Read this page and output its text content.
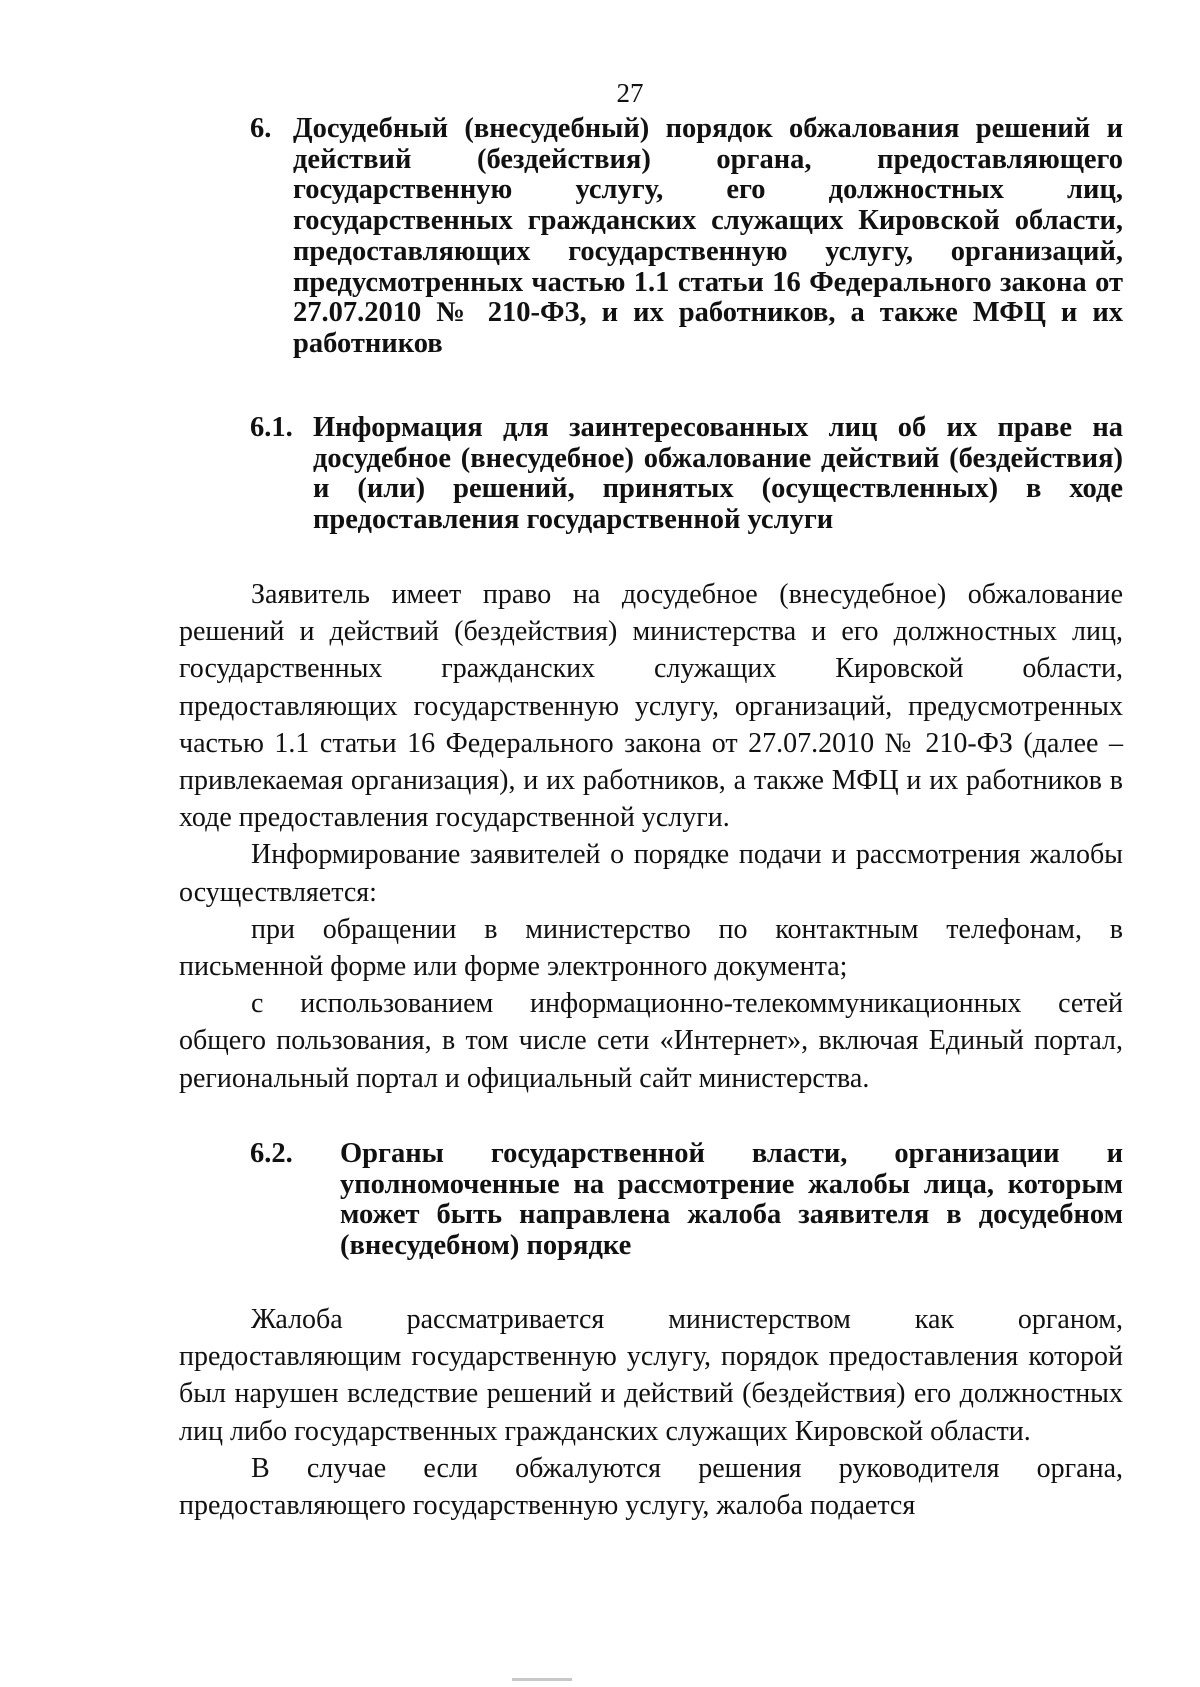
27
6. Досудебный (внесудебный) порядок обжалования решений и действий (бездействия) органа, предоставляющего государственную услугу, его должностных лиц, государственных гражданских служащих Кировской области, предоставляющих государственную услугу, организаций, предусмотренных частью 1.1 статьи 16 Федерального закона от 27.07.2010 № 210-ФЗ, и их работников, а также МФЦ и их работников
6.1. Информация для заинтересованных лиц об их праве на досудебное (внесудебное) обжалование действий (бездействия) и (или) решений, принятых (осуществленных) в ходе предоставления государственной услуги

Заявитель имеет право на досудебное (внесудебное) обжалование решений и действий (бездействия) министерства и его должностных лиц, государственных гражданских служащих Кировской области, предоставляющих государственную услугу, организаций, предусмотренных частью 1.1 статьи 16 Федерального закона от 27.07.2010 № 210-ФЗ (далее – привлекаемая организация), и их работников, а также МФЦ и их работников в ходе предоставления государственной услуги.

Информирование заявителей о порядке подачи и рассмотрения жалобы осуществляется:

при обращении в министерство по контактным телефонам, в письменной форме или форме электронного документа;

с использованием информационно-телекоммуникационных сетей общего пользования, в том числе сети «Интернет», включая Единый портал, региональный портал и официальный сайт министерства.

6.2. Органы государственной власти, организации и уполномоченные на рассмотрение жалобы лица, которым может быть направлена жалоба заявителя в досудебном (внесудебном) порядке

Жалоба рассматривается министерством как органом, предоставляющим государственную услугу, порядок предоставления которой был нарушен вследствие решений и действий (бездействия) его должностных лиц либо государственных гражданских служащих Кировской области.

В случае если обжалуются решения руководителя органа, предоставляющего государственную услугу, жалоба подается
